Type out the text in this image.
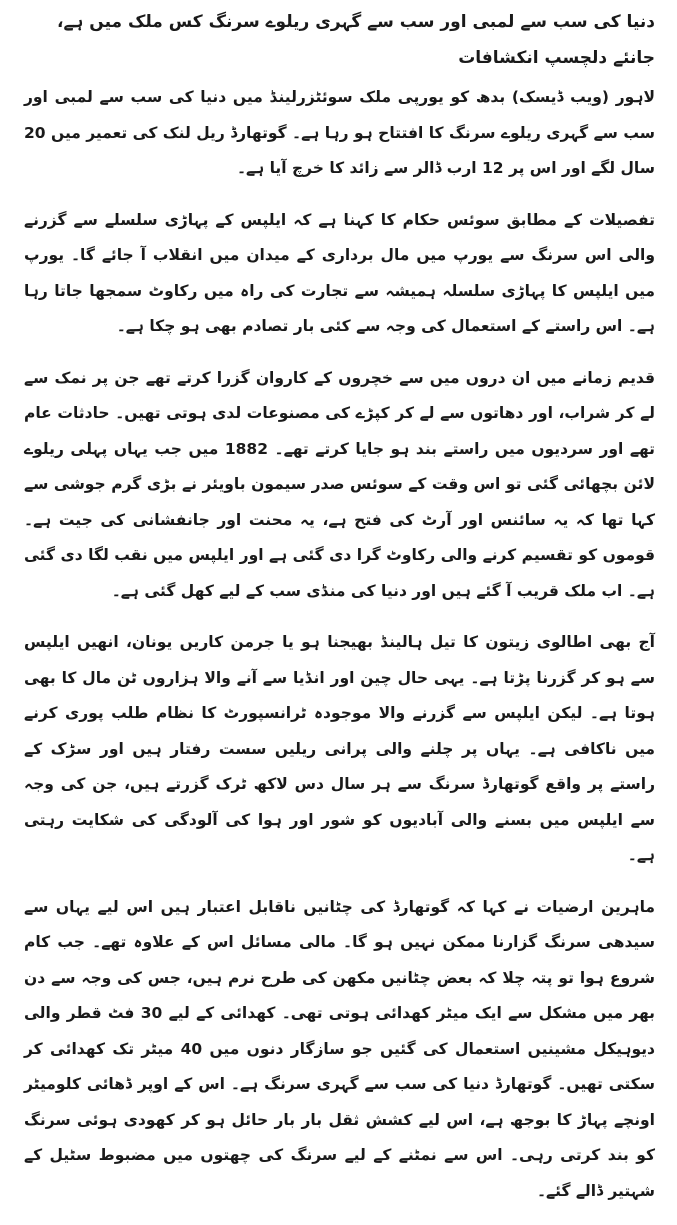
دنیا کی سب سے لمبی اور سب سے گہری ریلوے سرنگ کس ملک میں ہے، جانئے دلچسپ انکشافات

لاہور (ویب ڈیسک) بدھ کو یورپی ملک سوئٹزرلینڈ میں دنیا کی سب سے لمبی اور سب سے گہری ریلوے سرنگ کا افتتاح ہو رہا ہے۔ گوتھارڈ ریل لنک کی تعمیر میں 20 سال لگے اور اس پر 12 ارب ڈالر سے زائد کا خرچ آیا ہے۔

تفصیلات کے مطابق سوئس حکام کا کہنا ہے کہ ایلپس کے پہاڑی سلسلے سے گزرنے والی اس سرنگ سے یورپ میں مال برداری کے میدان میں انقلاب آ جائے گا۔ یورپ میں ایلپس کا پہاڑی سلسلہ ہمیشہ سے تجارت کی راہ میں رکاوٹ سمجھا جاتا رہا ہے۔ اس راستے کے استعمال کی وجہ سے کئی بار تصادم بھی ہو چکا ہے۔

قدیم زمانے میں ان دروں میں سے خچروں کے کاروان گزرا کرتے تھے جن پر نمک سے لے کر شراب، اور دھاتوں سے لے کر کپڑے کی مصنوعات لدی ہوتی تھیں۔ حادثات عام تھے اور سردیوں میں راستے بند ہو جایا کرتے تھے۔ 1882 میں جب یہاں پہلی ریلوے لائن بچھائی گئی تو اس وقت کے سوئس صدر سیمون باویئر نے بڑی گرم جوشی سے کہا تھا کہ یہ سائنس اور آرٹ کی فتح ہے، یہ محنت اور جانفشانی کی جیت ہے۔ قوموں کو تقسیم کرنے والی رکاوٹ گرا دی گئی ہے اور ایلپس میں نقب لگا دی گئی ہے۔ اب ملک قریب آ گئے ہیں اور دنیا کی منڈی سب کے لیے کھل گئی ہے۔

آج بھی اطالوی زیتون کا تیل ہالینڈ بھیجنا ہو یا جرمن کاریں یونان، انھیں ایلپس سے ہو کر گزرنا پڑتا ہے۔ یہی حال چین اور انڈیا سے آنے والا ہزاروں ٹن مال کا بھی ہوتا ہے۔ لیکن ایلپس سے گزرنے والا موجودہ ٹرانسپورٹ کا نظام طلب پوری کرنے میں ناکافی ہے۔ یہاں پر چلنے والی پرانی ریلیں سست رفتار ہیں اور سڑک کے راستے پر واقع گوتھارڈ سرنگ سے ہر سال دس لاکھ ٹرک گزرتے ہیں، جن کی وجہ سے ایلپس میں بسنے والی آبادیوں کو شور اور ہوا کی آلودگی کی شکایت رہتی ہے۔

ماہرین ارضیات نے کہا کہ گوتھارڈ کی چٹانیں ناقابل اعتبار ہیں اس لیے یہاں سے سیدھی سرنگ گزارنا ممکن نہیں ہو گا۔ مالی مسائل اس کے علاوہ تھے۔ جب کام شروع ہوا تو پتہ چلا کہ بعض چٹانیں مکھن کی طرح نرم ہیں، جس کی وجہ سے دن بھر میں مشکل سے ایک میٹر کھدائی ہوتی تھی۔ کھدائی کے لیے 30 فٹ قطر والی دیوہیکل مشینیں استعمال کی گئیں جو سازگار دنوں میں 40 میٹر تک کھدائی کر سکتی تھیں۔ گوتھارڈ دنیا کی سب سے گہری سرنگ ہے۔ اس کے اوپر ڈھائی کلومیٹر اونچے پہاڑ کا بوجھ ہے، اس لیے کشش ثقل بار بار حائل ہو کر کھودی ہوئی سرنگ کو بند کرتی رہی۔ اس سے نمٹنے کے لیے سرنگ کی چھتوں میں مضبوط سٹیل کے شہتیر ڈالے گئے۔
